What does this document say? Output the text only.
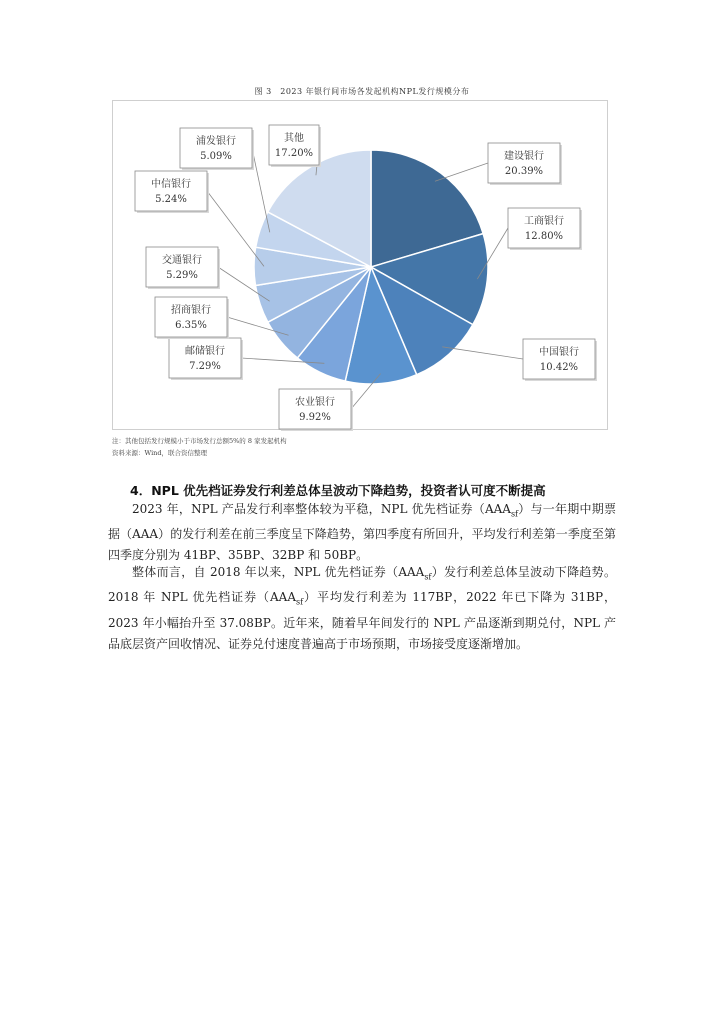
图 3　2023 年银行间市场各发起机构NPL发行规模分布
建设银行
20.39%
工商银行
12.80%
中国银行
10.42%
农业银行
9.92%
邮储银行
7.29%
招商银行
6.35%
交通银行
5.29%
中信银行
5.24%
浦发银行
5.09%
其他
17.20%
注：其他包括发行规模小于市场发行总额5%的 8 家发起机构
资料来源：Wind，联合资信整理
4．NPL 优先档证券发行利差总体呈波动下降趋势，投资者认可度不断提高

2023 年，NPL 产品发行利率整体较为平稳，NPL 优先档证券$(AAA_{sf})$与一年期中期票据（AAA）的发行利差在前三季度呈下降趋势，第四季度有所回升，平均发行利差第一季度至第四季度分别为 41BP、35BP、32BP 和 50BP。

整体而言，自 2018 年以来，NPL 优先档证券$(AAA_{sf})$发行利差总体呈波动下降趋势。2018 年 NPL 优先档证券$(AAA_{sf})$平均发行利差为 117BP，2022 年已下降为 31BP，2023 年小幅抬升至 37.08BP。近年来，随着早年间发行的 NPL 产品逐渐到期兑付，NPL 产品底层资产回收情况、证券兑付速度普遍高于市场预期，市场接受度逐渐增加。
